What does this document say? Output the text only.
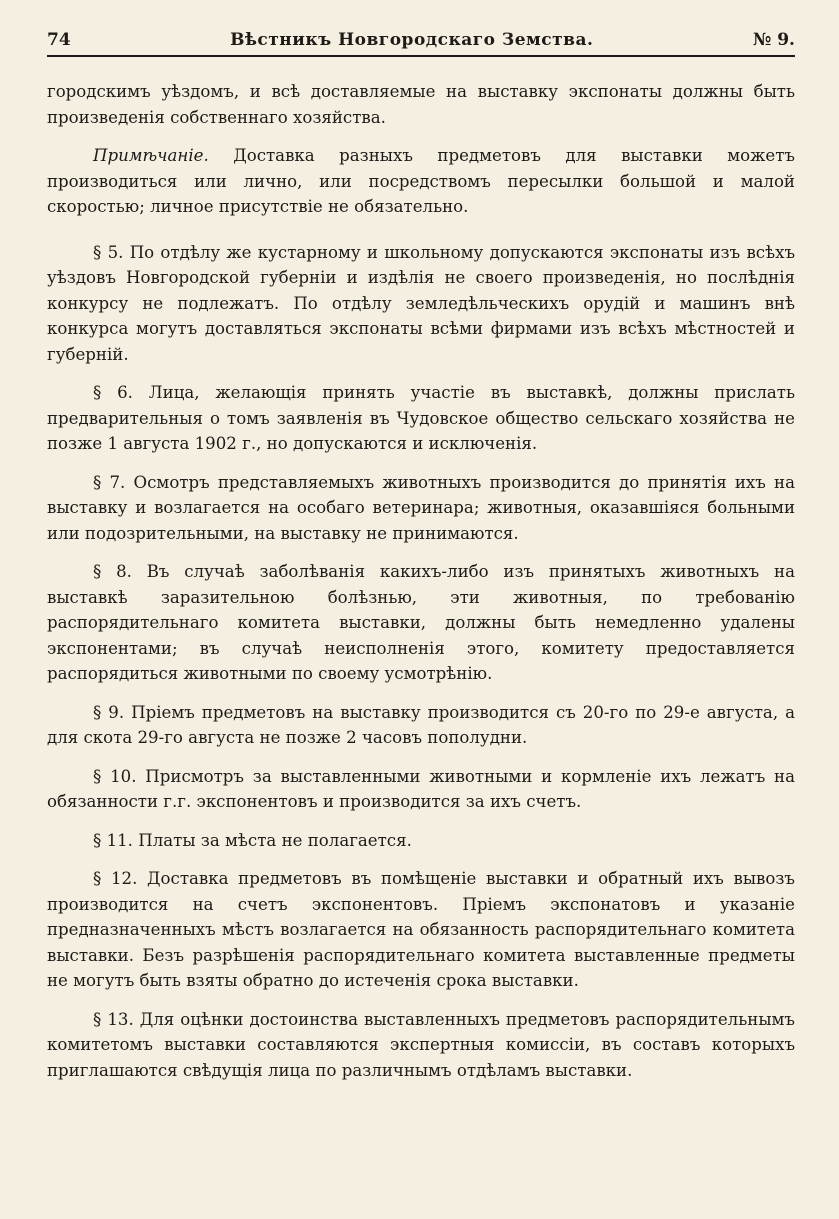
74	Вѣстникъ Новгородскаго Земства.	№ 9.

городскимъ уѣздомъ, и всѣ доставляемые на выставку экспонаты должны быть произведенія собственнаго хозяйства.

Примѣчаніе. Доставка разныхъ предметовъ для выставки можетъ производиться или лично, или посредствомъ пересылки большой и малой скоростью; личное присутствіе не обязательно.

§ 5. По отдѣлу же кустарному и школьному допускаются экспонаты изъ всѣхъ уѣздовъ Новгородской губерніи и издѣлія не своего произведенія, но послѣднія конкурсу не подлежатъ. По отдѣлу земледѣльческихъ орудій и машинъ внѣ конкурса могутъ доставляться экспонаты всѣми фирмами изъ всѣхъ мѣстностей и губерній.

§ 6. Лица, желающія принять участіе въ выставкѣ, должны прислать предварительныя о томъ заявленія въ Чудовское общество сельскаго хозяйства не позже 1 августа 1902 г., но допускаются и исключенія.

§ 7. Осмотръ представляемыхъ животныхъ производится до принятія ихъ на выставку и возлагается на особаго ветеринара; животныя, оказавшіяся больными или подозрительными, на выставку не принимаются.

§ 8. Въ случаѣ заболѣванія какихъ-либо изъ принятыхъ животныхъ на выставкѣ заразительною болѣзнью, эти животныя, по требованію распорядительнаго комитета выставки, должны быть немедленно удалены экспонентами; въ случаѣ неисполненія этого, комитету предоставляется распорядиться животными по своему усмотрѣнію.

§ 9. Пріемъ предметовъ на выставку производится съ 20-го по 29-е августа, а для скота 29-го августа не позже 2 часовъ пополудни.

§ 10. Присмотръ за выставленными животными и кормленіе ихъ лежатъ на обязанности г.г. экспонентовъ и производится за ихъ счетъ.

§ 11. Платы за мѣста не полагается.

§ 12. Доставка предметовъ въ помѣщеніе выставки и обратный ихъ вывозъ производится на счетъ экспонентовъ. Пріемъ экспонатовъ и указаніе предназначенныхъ мѣстъ возлагается на обязанность распорядительнаго комитета выставки. Безъ разрѣшенія распорядительнаго комитета выставленные предметы не могутъ быть взяты обратно до истеченія срока выставки.

§ 13. Для оцѣнки достоинства выставленныхъ предметовъ распорядительнымъ комитетомъ выставки составляются экспертныя комиссіи, въ составъ которыхъ приглашаются свѣдущія лица по различнымъ отдѣламъ выставки.
